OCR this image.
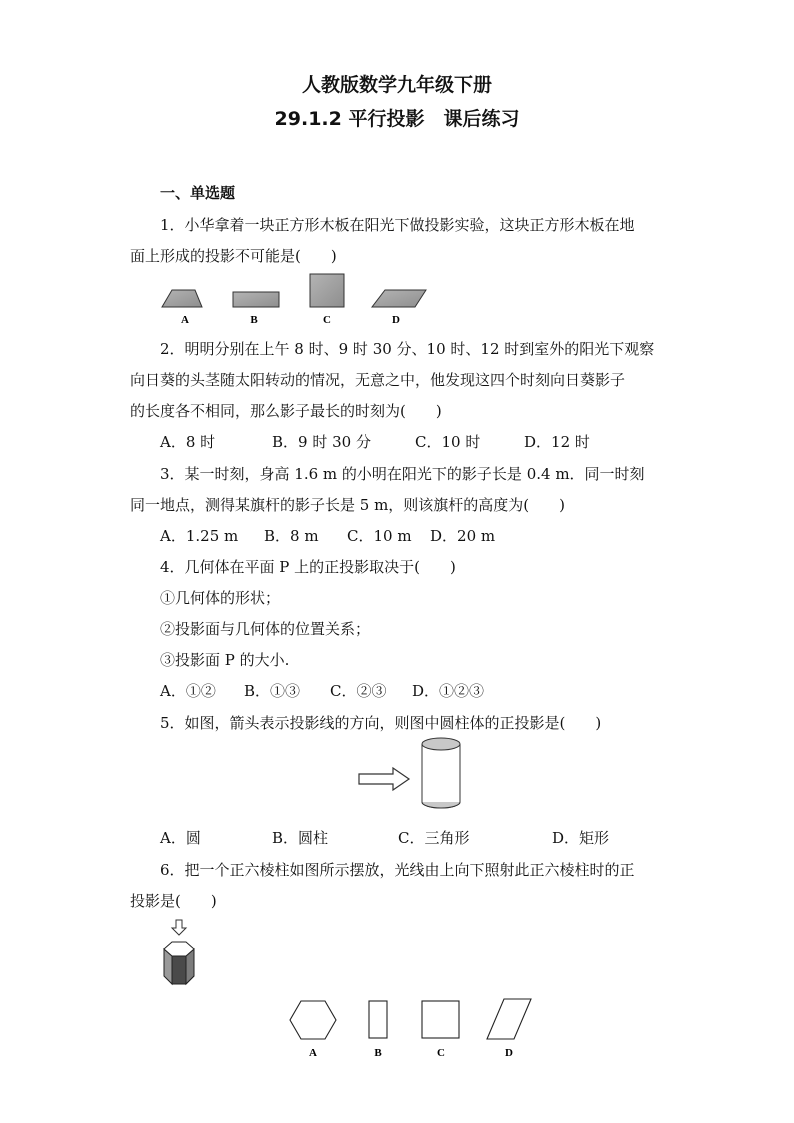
人教版数学九年级下册
29.1.2 平行投影　课后练习
一、单选题
1．小华拿着一块正方形木板在阳光下做投影实验，这块正方形木板在地
面上形成的投影不可能是(　　)
A	B	C	D
2．明明分别在上午 8 时、9 时 30 分、10 时、12 时到室外的阳光下观察
向日葵的头茎随太阳转动的情况，无意之中，他发现这四个时刻向日葵影子
的长度各不相同，那么影子最长的时刻为(　　)
A．8 时	B．9 时 30 分	C．10 时	D．12 时
3．某一时刻，身高 1.6 m 的小明在阳光下的影子长是 0.4 m．同一时刻
同一地点，测得某旗杆的影子长是 5 m，则该旗杆的高度为(　　)
A．1.25 m B．8 m C．10 m D．20 m
4．几何体在平面 P 上的正投影取决于(　　)
①几何体的形状；
②投影面与几何体的位置关系；
③投影面 P 的大小.
A．①② B．①③ C．②③ D．①②③
5．如图，箭头表示投影线的方向，则图中圆柱体的正投影是(　　)
A．圆	B．圆柱	C．三角形	D．矩形
6．把一个正六棱柱如图所示摆放，光线由上向下照射此正六棱柱时的正
投影是(　　)
A	B	C	D
